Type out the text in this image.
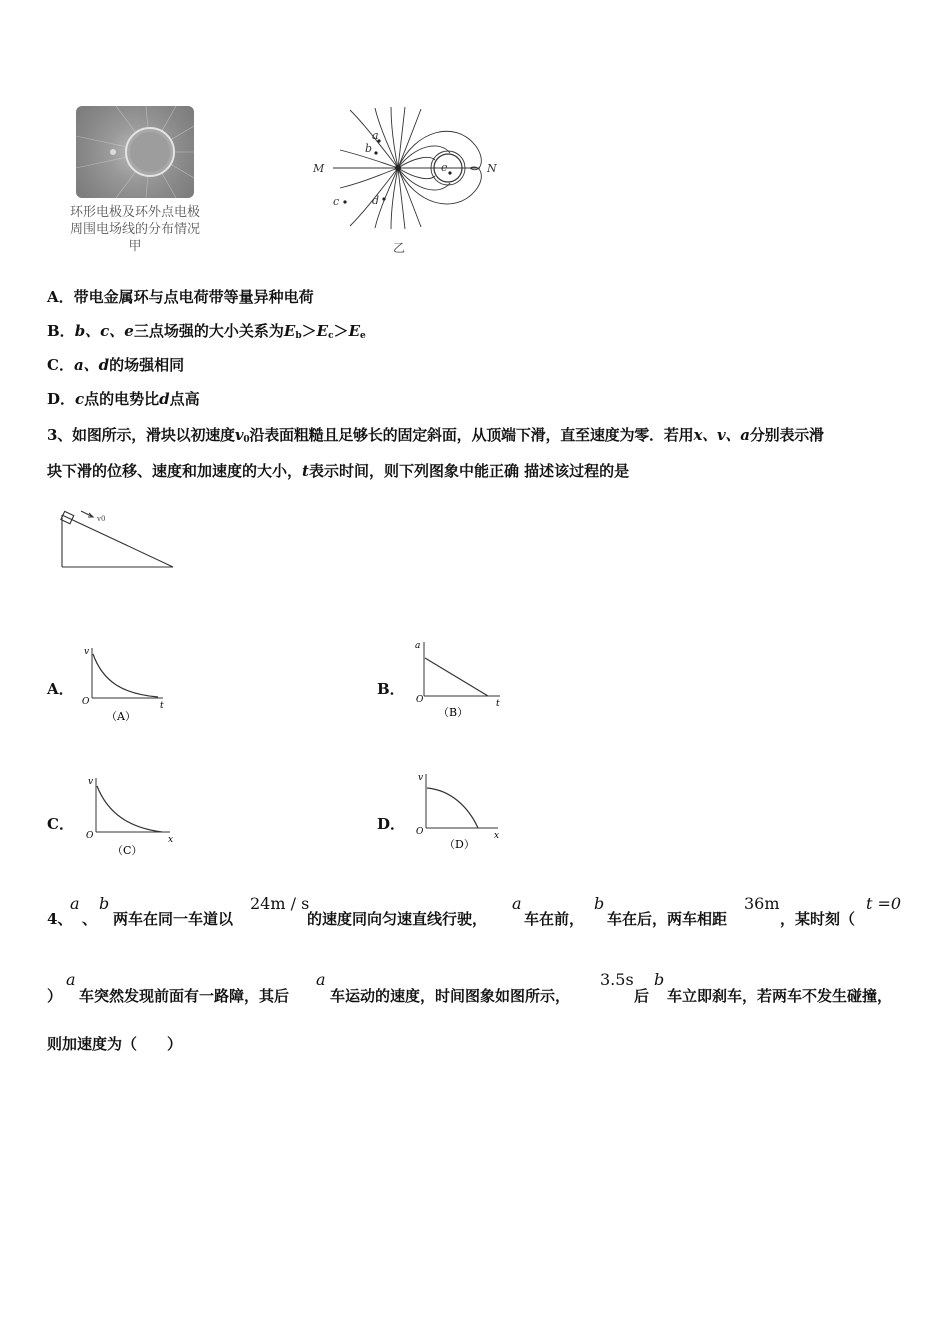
环形电极及环外点电极
周围电场线的分布情况
甲
M	N
a
b
c	d
e
乙
A．带电金属环与点电荷带等量异种电荷
B．b、c、e三点场强的大小关系为$E_b>E_c>E_e$
C．a、d的场强相同
D．c点的电势比d点高
3、如图所示，滑块以初速度$v_0$沿表面粗糙且足够长的固定斜面，从顶端下滑，直至速度为零．若用x、v、a分别表示滑
块下滑的位移、速度和加速度的大小，t表示时间，则下列图象中能正确 描述该过程的是
v0
A．
v
t
O
（A）
B．
a
t
O
（B）
C．
v
x
O
（C）
D．
v
x
O
（D）
4、
a
、
b
两车在同一车道以
24m / s
的速度同向匀速直线行驶，
a
车在前，
b
车在后，两车相距
36m
，某时刻（
t =0
）
a
车突然发现前面有一路障，其后
a
车运动的速度，时间图象如图所示，
3.5s
后
b
车立即刹车，若两车不发生碰撞，
则加速度为（　　）
